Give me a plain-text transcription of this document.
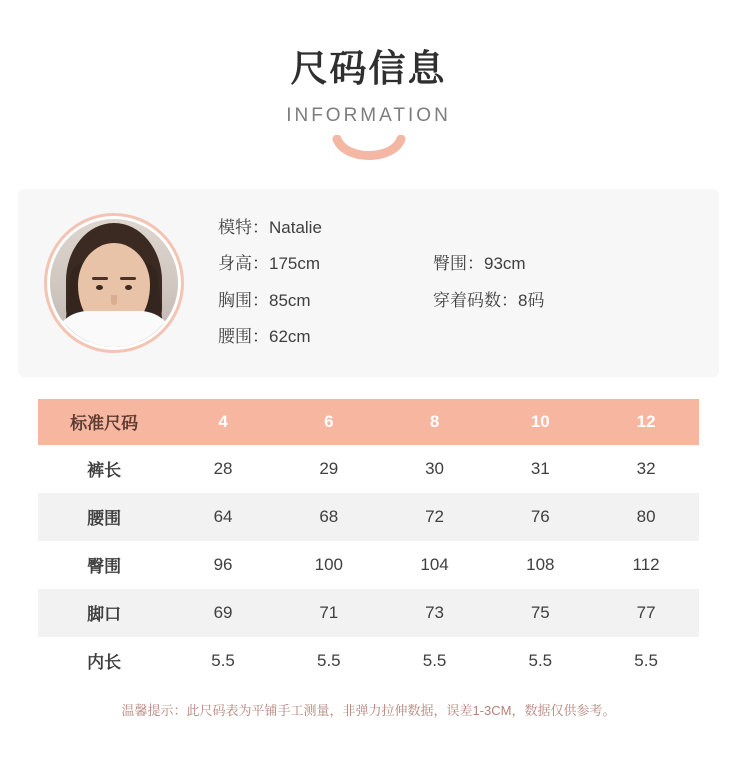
尺码信息
INFORMATION
模特：Natalie
身高：175cm	臀围：93cm
胸围：85cm	穿着码数：8码
腰围：62cm
标准尺码	4	6	8	10	12
裤长	28	29	30	31	32
腰围	64	68	72	76	80
臀围	96	100	104	108	112
脚口	69	71	73	75	77
内长	5.5	5.5	5.5	5.5	5.5
温馨提示：此尺码表为平铺手工测量，非弹力拉伸数据，误差1-3CM，数据仅供参考。
